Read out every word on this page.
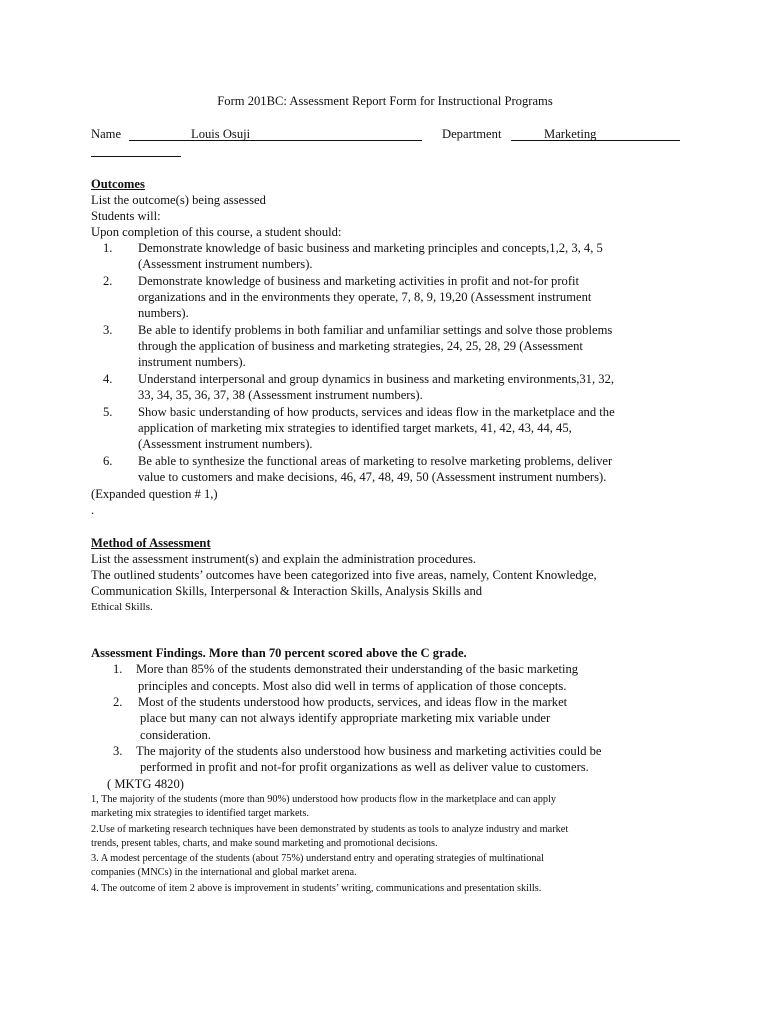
Form 201BC: Assessment Report Form for Instructional Programs
Name	Louis Osuji	Department	Marketing
Outcomes
List the outcome(s) being assessed
Students will:
Upon completion of this course, a student should:
1. Demonstrate knowledge of basic business and marketing principles and concepts,1,2, 3, 4, 5
(Assessment instrument numbers).
2. Demonstrate knowledge of business and marketing activities in profit and not-for profit
organizations and in the environments they operate, 7, 8, 9, 19,20 (Assessment instrument
numbers).
3. Be able to identify problems in both familiar and unfamiliar settings and solve those problems
through the application of business and marketing strategies, 24, 25, 28, 29 (Assessment
instrument numbers).
4. Understand interpersonal and group dynamics in business and marketing environments,31, 32,
33, 34, 35, 36, 37, 38 (Assessment instrument numbers).
5. Show basic understanding of how products, services and ideas flow in the marketplace and the
application of marketing mix strategies to identified target markets, 41, 42, 43, 44, 45,
(Assessment instrument numbers).
6. Be able to synthesize the functional areas of marketing to resolve marketing problems, deliver
value to customers and make decisions, 46, 47, 48, 49, 50 (Assessment instrument numbers).
(Expanded question # 1,)
.
Method of Assessment
List the assessment instrument(s) and explain the administration procedures.
The outlined students’ outcomes have been categorized into five areas, namely, Content Knowledge,
Communication Skills, Interpersonal & Interaction Skills, Analysis Skills and
Ethical Skills.
Assessment Findings. More than 70 percent scored above the C grade.
1. More than 85% of the students demonstrated their understanding of the basic marketing
principles and concepts. Most also did well in terms of application of those concepts.
2. Most of the students understood how products, services, and ideas flow in the market
place but many can not always identify appropriate marketing mix variable under
consideration.
3. The majority of the students also understood how business and marketing activities could be
performed in profit and not-for profit organizations as well as deliver value to customers.
( MKTG 4820)
1, The majority of the students (more than 90%) understood how products flow in the marketplace and can apply
marketing mix strategies to identified target markets.
2.Use of marketing research techniques have been demonstrated by students as tools to analyze industry and market
trends, present tables, charts, and make sound marketing and promotional decisions.
3. A modest percentage of the students (about 75%) understand entry and operating strategies of multinational
companies (MNCs) in the international and global market arena.
4. The outcome of item 2 above is improvement in students’ writing, communications and presentation skills.
